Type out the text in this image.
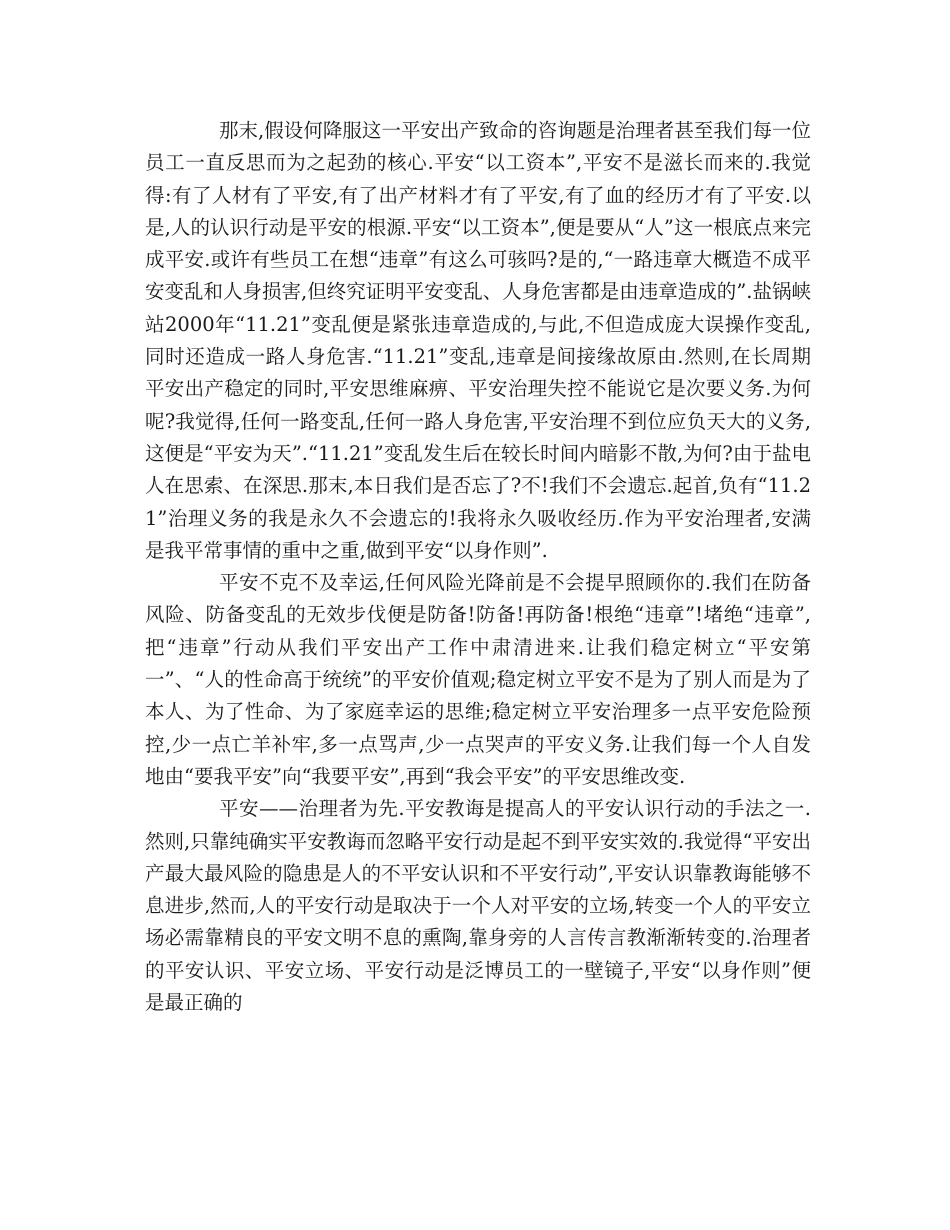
那末,假设何降服这一平安出产致命的咨询题是治理者甚至我们每一位员工一直反思而为之起劲的核心.平安“以工资本”,平安不是滋长而来的.我觉得:有了人材有了平安,有了出产材料才有了平安,有了血的经历才有了平安.以是,人的认识行动是平安的根源.平安“以工资本”,便是要从“人”这一根底点来完成平安.或许有些员工在想“违章”有这么可骇吗?是的,“一路违章大概造不成平安变乱和人身损害,但终究证明平安变乱、人身危害都是由违章造成的”.盐锅峡站2000年“11.21”变乱便是紧张违章造成的,与此,不但造成庞大误操作变乱,同时还造成一路人身危害.“11.21”变乱,违章是间接缘故原由.然则,在长周期平安出产稳定的同时,平安思维麻痹、平安治理失控不能说它是次要义务.为何呢?我觉得,任何一路变乱,任何一路人身危害,平安治理不到位应负天大的义务,这便是“平安为天”.“11.21”变乱发生后在较长时间内暗影不散,为何?由于盐电人在思索、在深思.那末,本日我们是否忘了?不!我们不会遗忘.起首,负有“11.21”治理义务的我是永久不会遗忘的!我将永久吸收经历.作为平安治理者,安满是我平常事情的重中之重,做到平安“以身作则”.

平安不克不及幸运,任何风险光降前是不会提早照顾你的.我们在防备风险、防备变乱的无效步伐便是防备!防备!再防备!根绝“违章”!堵绝“违章”,把“违章”行动从我们平安出产工作中肃清进来.让我们稳定树立“平安第一”、“人的性命高于统统”的平安价值观;稳定树立平安不是为了别人而是为了本人、为了性命、为了家庭幸运的思维;稳定树立平安治理多一点平安危险预控,少一点亡羊补牢,多一点骂声,少一点哭声的平安义务.让我们每一个人自发地由“要我平安”向“我要平安”,再到“我会平安”的平安思维改变.

平安——治理者为先.平安教诲是提高人的平安认识行动的手法之一.然则,只靠纯确实平安教诲而忽略平安行动是起不到平安实效的.我觉得“平安出产最大最风险的隐患是人的不平安认识和不平安行动”,平安认识靠教诲能够不息进步,然而,人的平安行动是取决于一个人对平安的立场,转变一个人的平安立场必需靠精良的平安文明不息的熏陶,靠身旁的人言传言教渐渐转变的.治理者的平安认识、平安立场、平安行动是泛博员工的一壁镜子,平安“以身作则”便是最正确的
